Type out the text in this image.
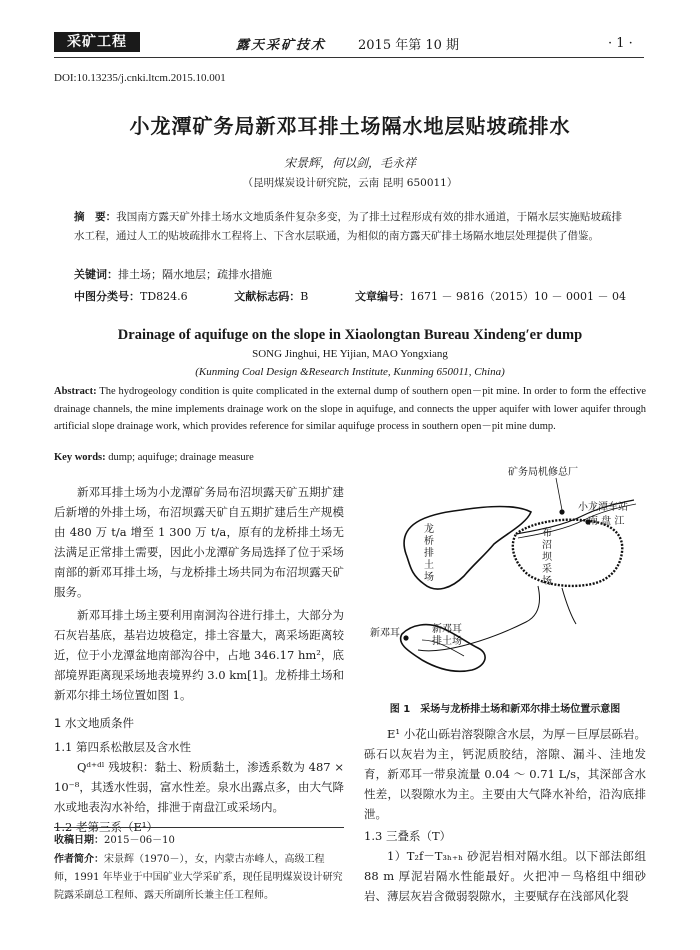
采矿工程	露天采矿技术 2015 年第 10 期	· 1 ·
DOI:10.13235/j.cnki.ltcm.2015.10.001
小龙潭矿务局新邓耳排土场隔水地层贴坡疏排水
宋景辉，何以剑，毛永祥
（昆明煤炭设计研究院，云南 昆明 650011）
摘　要：我国南方露天矿外排土场水文地质条件复杂多变，为了排土过程形成有效的排水通道，于隔水层实施贴坡疏排水工程，通过人工的贴坡疏排水工程将上、下含水层联通，为相似的南方露天矿排土场隔水地层处理提供了借鉴。
关键词：排土场；隔水地层；疏排水措施
中图分类号：TD824.6	文献标志码：B	文章编号：1671 － 9816（2015）10 － 0001 － 04
Drainage of aquifuge on the slope in Xiaolongtan Bureau Xindeng′er dump
SONG Jinghui, HE Yijian, MAO Yongxiang
(Kunming Coal Design &Research Institute, Kunming 650011, China)
Abstract: The hydrogeology condition is quite complicated in the external dump of southern open－pit mine. In order to form the effective drainage channels, the mine implements drainage work on the slope in aquifuge, and connects the upper aquifer with lower aquifer through artificial slope drainage work, which provides reference for similar aquifuge process in southern open－pit mine dump.
Key words: dump; aquifuge; drainage measure

新邓耳排土场为小龙潭矿务局布沼坝露天矿五期扩建后新增的外排土场，布沼坝露天矿自五期扩建后生产规模由 480 万 t/a 增至 1 300 万 t/a，原有的龙桥排土场无法满足正常排土需要，因此小龙潭矿务局选择了位于采场南部的新邓耳排土场，与龙桥排土场共同为布沼坝露天矿服务。

新邓耳排土场主要利用南洞沟谷进行排土，大部分为石灰岩基底，基岩边坡稳定，排土容量大，离采场距离较近，位于小龙潭盆地南部沟谷中，占地 346.17 hm²，底部境界距离现采场地表境界约 3.0 km[1]。龙桥排土场和新邓尔排土场位置如图 1。

1 水文地质条件
1.1 第四系松散层及含水性

Qᵈ⁺ᵈˡ 残坡积：黏土、粉质黏土，渗透系数为 487 × 10⁻⁸，其透水性弱，富水性差。泉水出露点多，由大气降水或地表沟水补给，排泄于南盘江或采场内。

1.2 老第三系（E¹）
收稿日期：2015－06－10
作者简介：宋景辉（1970－），女，内蒙古赤峰人，高级工程师，1991 年毕业于中国矿业大学采矿系，现任昆明煤炭设计研究院露采副总工程师、露天所副所长兼主任工程师。
矿务局机修总厂
小龙潭车站
南 盘 江
龙桥排土场
布沼坝采场
新邓耳	新邓耳排土场
图 1　采场与龙桥排土场和新邓尔排土场位置示意图

E¹ 小花山砾岩溶裂隙含水层，为厚－巨厚层砾岩。砾石以灰岩为主，钙泥质胶结，溶隙、漏斗、洼地发育，新邓耳一带泉流量 0.04 ～ 0.71 L/s，其深部含水性差，以裂隙水为主。主要由大气降水补给，沿沟底排泄。

1.3 三叠系（T）

1）T₂f－T₃ₕ₊ₕ 砂泥岩相对隔水组。以下部法郎组 88 m 厚泥岩隔水性能最好。火把冲－鸟格组中细砂岩、薄层灰岩含微弱裂隙水，主要赋存在浅部风化裂
